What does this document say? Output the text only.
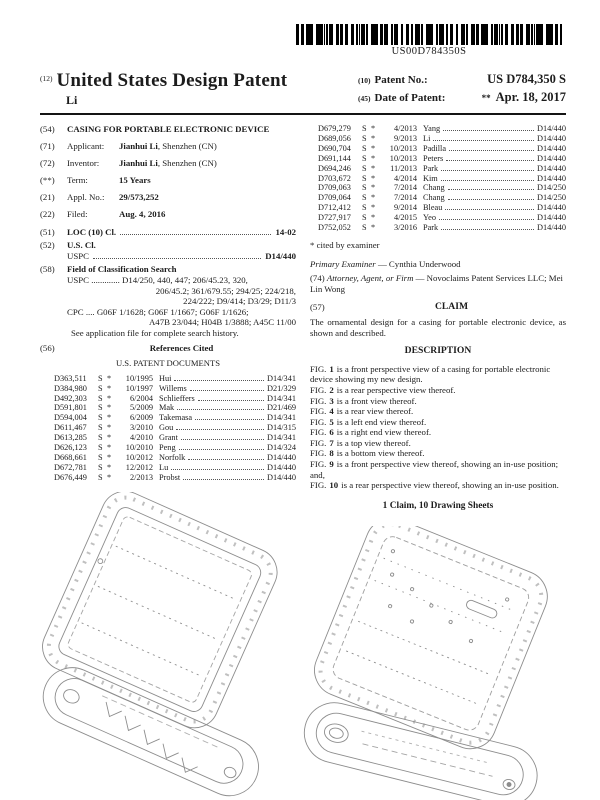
US00D784350S
$^{(12)}$ United States Design Patent
Li
(10) Patent No.:	US D784,350 S
(45) Date of Patent:	** Apr. 18, 2017
(54)	CASING FOR PORTABLE ELECTRONIC DEVICE
(71)	Applicant: Jianhui Li, Shenzhen (CN)
(72)	Inventor: Jianhui Li, Shenzhen (CN)
(**)	Term:	15 Years
(21)	Appl. No.: 29/573,252
(22)	Filed:	Aug. 4, 2016
(51)	LOC (10) Cl.	14-02
(52)	U.S. Cl.
USPC	D14/440
(58)	Field of Classification Search
USPC ............. D14/250, 440, 447; 206/45.23, 320,
206/45.2; 361/679.55; 294/25; 224/218,
224/222; D9/414; D3/29; D11/3
CPC .... G06F 1/1628; G06F 1/1667; G06F 1/1626;
A47B 23/044; H04B 1/3888; A45C 11/00
See application file for complete search history.
(56)	References Cited
U.S. PATENT DOCUMENTS
D363,511	S *	10/1995 Hui	D14/341
D384,980	S *	10/1997 Willems	D21/329
D492,303	S *	6/2004 Schlieffers	D14/341
D591,801	S *	5/2009 Mak	D21/469
D594,004	S *	6/2009 Takemasa	D14/341
D611,467	S *	3/2010 Gou	D14/315
D613,285	S *	4/2010 Grant	D14/341
D626,123	S *	10/2010 Peng	D14/324
D668,661	S *	10/2012 Norfolk	D14/440
D672,781	S *	12/2012 Lu	D14/440
D676,449	S *	2/2013 Probst	D14/440
D679,279	S *	4/2013 Yang	D14/440
D689,056	S *	9/2013 Li	D14/440
D690,704	S *	10/2013 Padilla	D14/440
D691,144	S *	10/2013 Peters	D14/440
D694,246	S *	11/2013 Park	D14/440
D703,672	S *	4/2014 Kim	D14/440
D709,063	S *	7/2014 Chang	D14/250
D709,064	S *	7/2014 Chang	D14/250
D712,412	S *	9/2014 Bleau	D14/440
D727,917	S *	4/2015 Yeo	D14/440
D752,052	S *	3/2016 Park	D14/440
* cited by examiner
Primary Examiner — Cynthia Underwood
(74) Attorney, Agent, or Firm — Novoclaims Patent Services LLC; Mei Lin Wong
(57)	CLAIM
The ornamental design for a casing for portable electronic device, as shown and described.
DESCRIPTION
FIG. 1 is a front perspective view of a casing for portable electronic device showing my new design.
FIG. 2 is a rear perspective view thereof.
FIG. 3 is a front view thereof.
FIG. 4 is a rear view thereof.
FIG. 5 is a left end view thereof.
FIG. 6 is a right end view thereof.
FIG. 7 is a top view thereof.
FIG. 8 is a bottom view thereof.
FIG. 9 is a front perspective view thereof, showing an in-use position; and,
FIG. 10 is a rear perspective view thereof, showing an in-use position.
1 Claim, 10 Drawing Sheets
